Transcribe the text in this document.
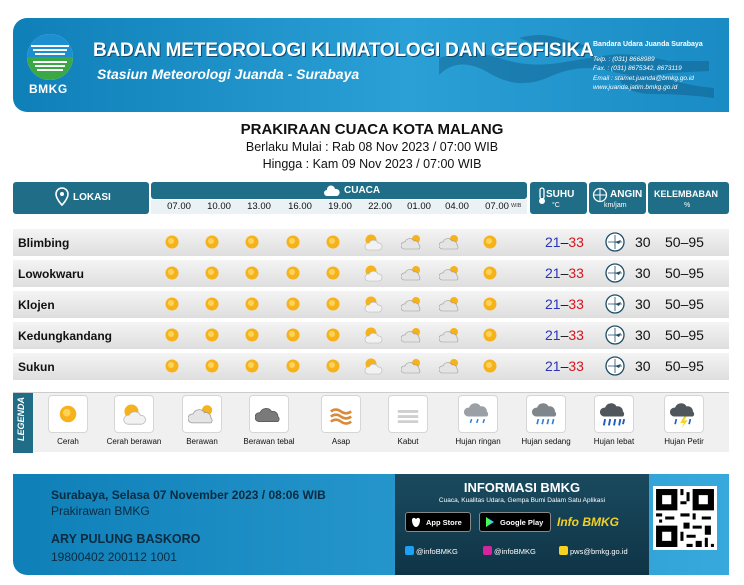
BMKG
BADAN METEOROLOGI KLIMATOLOGI DAN GEOFISIKA
Stasiun Meteorologi Juanda - Surabaya
Bandara Udara Juanda Surabaya
Telp. : (031) 8668989
Fax. : (031) 8675342, 8673119
Email : stamet.juanda@bmkg.go.id
www.juanda.jatim.bmkg.go.id
PRAKIRAAN CUACA KOTA MALANG
Berlaku Mulai : Rab 08 Nov 2023 / 07:00 WIB
Hingga : Kam 09 Nov 2023 / 07:00 WIB
LOKASI
CUACA
07.00	10.00	13.00	16.00	19.00	22.00	01.00	04.00	07.00 WIB
SUHU
°C
ANGIN
km/jam
KELEMBABAN
%
Blimbing	21–33	30 50–95
Lowokwaru	21–33	30 50–95
Klojen	21–33	30 50–95
Kedungkandang	21–33	30 50–95
Sukun	21–33	30 50–95
LEGENDA
Cerah	Cerah berawan	Berawan	Berawan tebal	Asap	Kabut	Hujan ringan	Hujan sedang	Hujan lebat	Hujan Petir
Surabaya, Selasa 07 November 2023 / 08:06 WIB
Prakirawan BMKG
ARY PULUNG BASKORO
19800402 200112 1001
INFORMASI BMKG
Cuaca, Kualitas Udara, Gempa Bumi Dalam Satu Aplikasi
App Store	Google Play	Info BMKG
@infoBMKG	@infoBMKG	pws@bmkg.go.id
